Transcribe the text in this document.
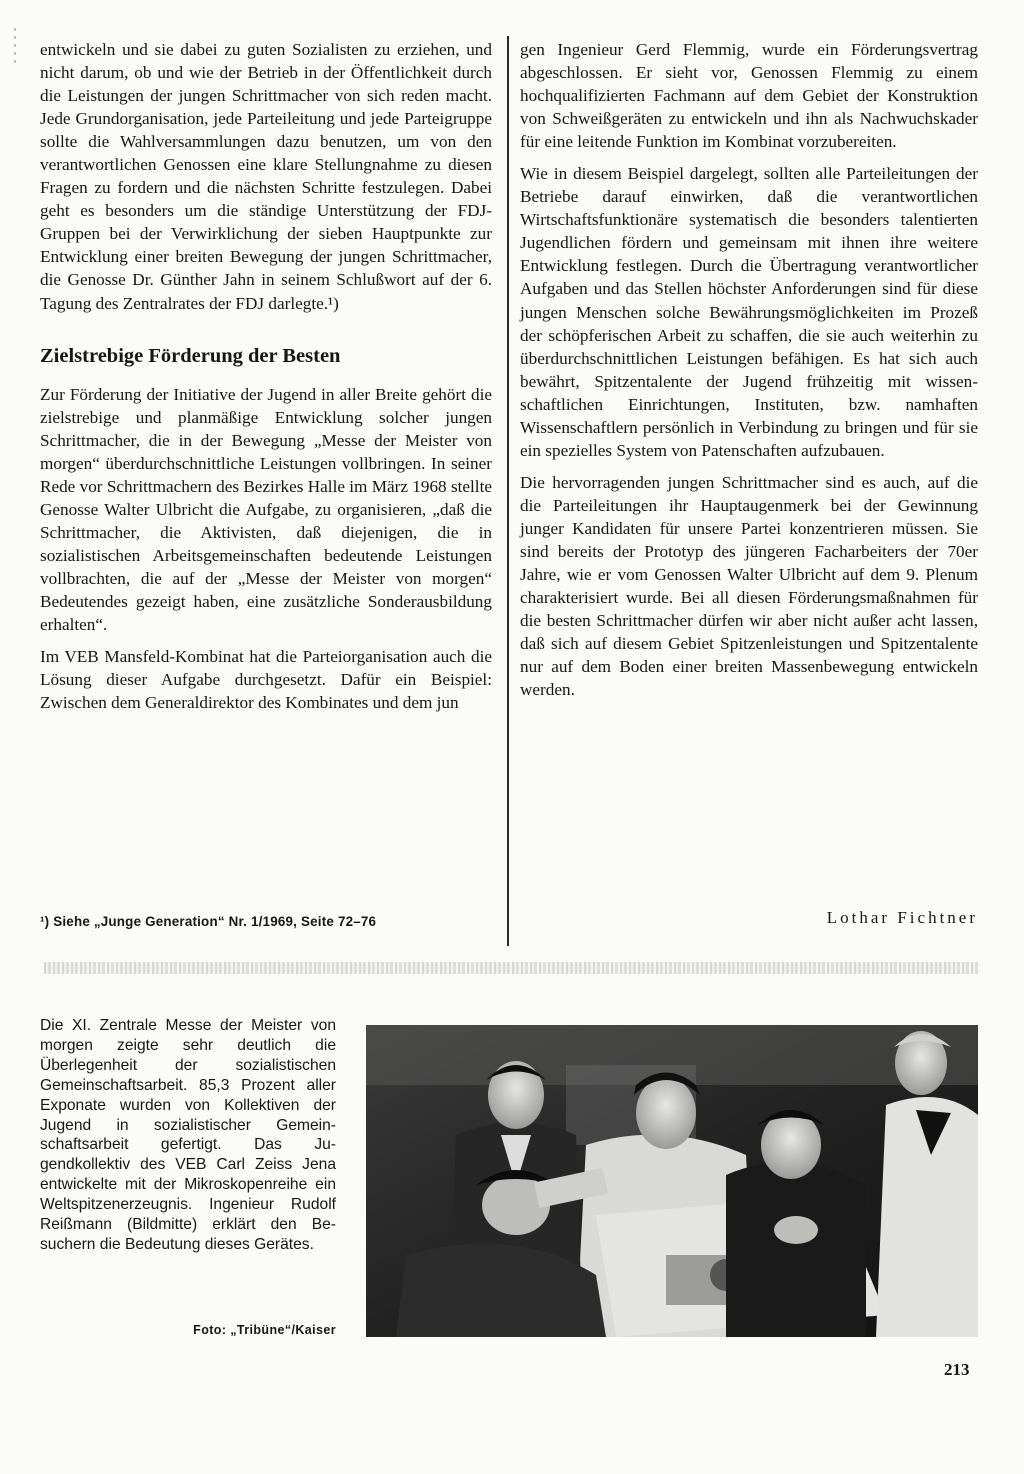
entwickeln und sie dabei zu guten Sozialisten zu erziehen, und nicht darum, ob und wie der Betrieb in der Öffentlichkeit durch die Leistungen der jungen Schrittmacher von sich reden macht. Jede Grundorganisation, jede Parteileitung und jede Parteigruppe sollte die Wahlversammlungen dazu benutzen, um von den verantwortlichen Genossen eine klare Stellungnahme zu diesen Fragen zu fordern und die nächsten Schritte festzulegen. Dabei geht es besonders um die ständige Unterstützung der FDJ-Gruppen bei der Verwirklichung der sieben Hauptpunkte zur Entwicklung einer breiten Bewegung der jungen Schrittmacher, die Genosse Dr. Günther Jahn in seinem Schlußwort auf der 6. Tagung des Zentralrates der FDJ darlegte.¹)

Zielstrebige Förderung der Besten

Zur Förderung der Initiative der Jugend in aller Breite gehört die zielstrebige und planmäßige Entwicklung solcher jungen Schrittmacher, die in der Bewegung „Messe der Meister von morgen“ überdurchschnittliche Leistungen vollbringen. In seiner Rede vor Schrittmachern des Bezirkes Halle im März 1968 stellte Genosse Walter Ulbricht die Aufgabe, zu organisieren, „daß die Schrittmacher, die Aktivisten, daß diejenigen, die in sozialistischen Arbeitsgemeinschaften bedeutende Leistungen vollbrachten, die auf der „Messe der Meister von morgen“ Bedeutendes gezeigt haben, eine zusätzliche Sonderausbildung erhalten“.

Im VEB Mansfeld-Kombinat hat die Parteiorganisation auch die Lösung dieser Aufgabe durchgesetzt. Dafür ein Beispiel: Zwischen dem Generaldirektor des Kombinates und dem jun

gen Ingenieur Gerd Flemmig, wurde ein Förderungsvertrag abgeschlossen. Er sieht vor, Genossen Flemmig zu einem hochqualifizierten Fachmann auf dem Gebiet der Konstruktion von Schweißgeräten zu entwickeln und ihn als Nachwuchskader für eine leitende Funktion im Kombinat vorzubereiten.

Wie in diesem Beispiel dargelegt, sollten alle Parteileitungen der Betriebe darauf einwirken, daß die verantwortlichen Wirtschaftsfunktionäre systematisch die besonders talentierten Jugendlichen fördern und gemeinsam mit ihnen ihre weitere Entwicklung festlegen. Durch die Übertragung verantwortlicher Aufgaben und das Stellen höchster Anforderungen sind für diese jungen Menschen solche Bewährungsmöglichkeiten im Prozeß der schöpferischen Arbeit zu schaffen, die sie auch weiterhin zu überdurchschnittlichen Leistungen befähigen. Es hat sich auch bewährt, Spitzentalente der Jugend frühzeitig mit wissenschaftlichen Einrichtungen, Instituten, bzw. namhaften Wissenschaftlern persönlich in Verbindung zu bringen und für sie ein spezielles System von Patenschaften aufzubauen.

Die hervorragenden jungen Schrittmacher sind es auch, auf die die Parteileitungen ihr Hauptaugenmerk bei der Gewinnung junger Kandidaten für unsere Partei konzentrieren müssen. Sie sind bereits der Prototyp des jüngeren Facharbeiters der 70er Jahre, wie er vom Genossen Walter Ulbricht auf dem 9. Plenum charakterisiert wurde. Bei all diesen Förderungsmaßnahmen für die besten Schrittmacher dürfen wir aber nicht außer acht lassen, daß sich auf diesem Gebiet Spitzenleistungen und Spitzentalente nur auf dem Boden einer breiten Massenbewegung entwickeln werden.

¹) Siehe „Junge Generation“ Nr. 1/1969, Seite 72–76	Lothar Fichtner
Die XI. Zentrale Messe der Meister von morgen zeigte sehr deutlich die Überlegenheit der sozialistischen Gemeinschaftsarbeit. 85,3 Prozent aller Exponate wurden von Kollektiven der Jugend in sozialistischer Gemeinschaftsarbeit gefertigt. Das Jugendkollektiv des VEB Carl Zeiss Jena entwickelte mit der Mikroskopenreihe ein Weltspitzenerzeugnis. Ingenieur Rudolf Reißmann (Bildmitte) erklärt den Besuchern die Bedeutung dieses Gerätes.
Foto: „Tribüne“/Kaiser
213
